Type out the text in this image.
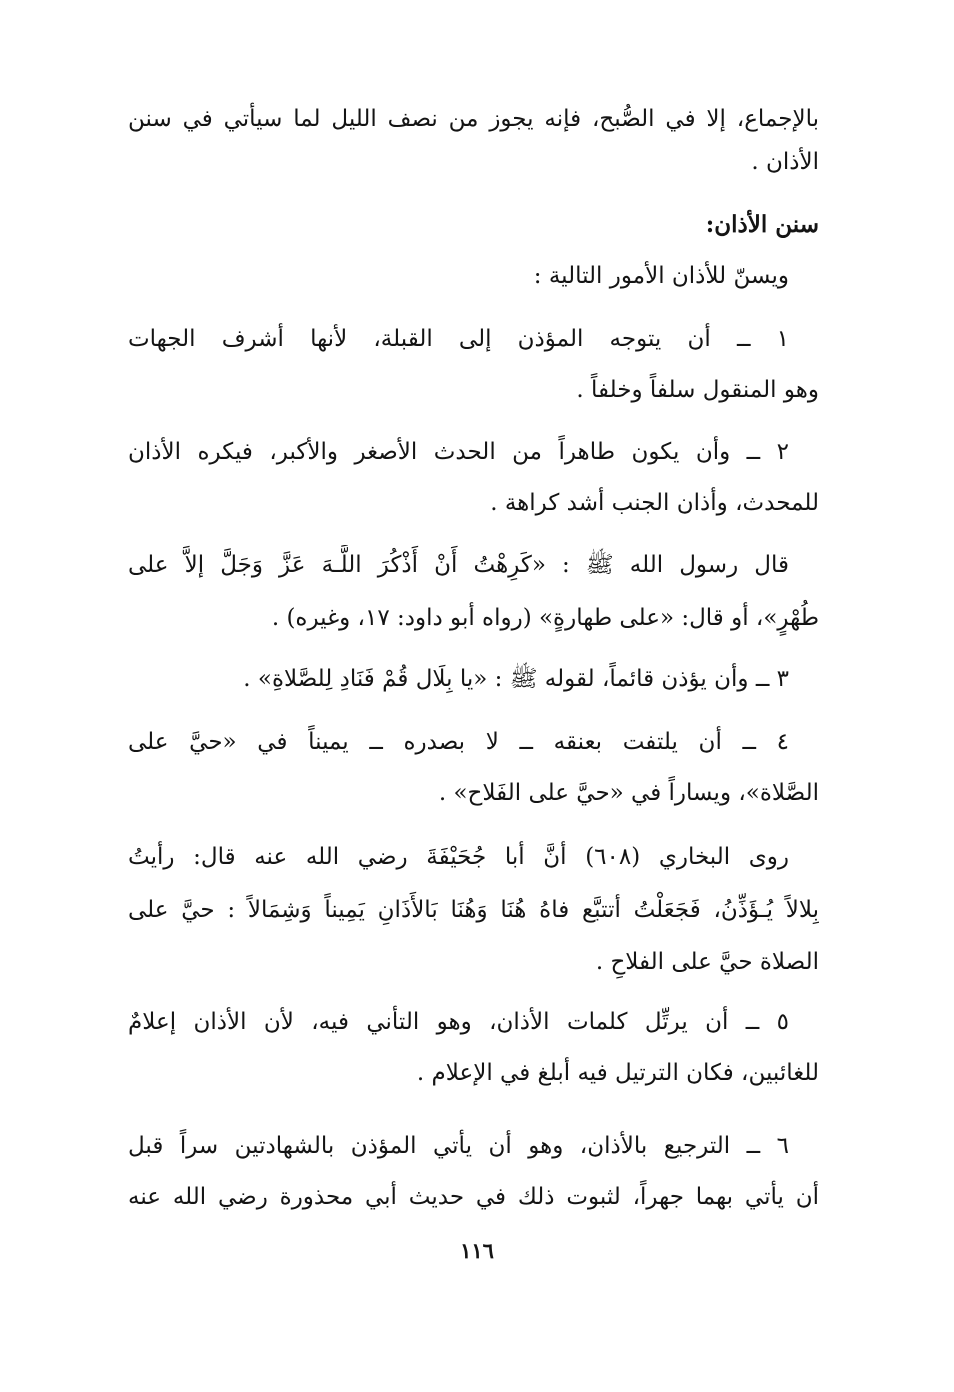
بالإجماع، إلا في الصُّبح، فإنه يجوز من نصف الليل لما سيأتي في سنن
الأذان .
سنن الأذان:
ويسنّ للأذان الأمور التالية :
١ ــ أن يتوجه المؤذن إلى القبلة، لأنها أشرف الجهات
وهو المنقول سلفاً وخلفاً .
٢ ــ وأن يكون طاهراً من الحدث الأصغر والأكبر، فيكره الأذان
للمحدث، وأذان الجنب أشد كراهة .
قال رسول الله ﷺ : «كَرِهْتُ أَنْ أَذْكُرَ اللَّـهَ عَزَّ وَجَلَّ إلاَّ على
طُهْرٍ»، أو قال: «على طهارةٍ» (رواه أبو داود: ١٧، وغيره) .
٣ ــ وأن يؤذن قائماً، لقوله ﷺ : «يا بِلَال قُمْ فَنَادِ لِلصَّلاةِ» .
٤ ــ أن يلتفت بعنقه ــ لا بصدره ــ يميناً في «حيَّ على
الصَّلاة»، ويساراً في «حيَّ على الفَلاح» .
روى البخاري (٦٠٨) أنَّ أبا جُحَيْفَةَ رضي الله عنه قال: رأيتُ
بِلالاً يُـؤَذِّنُ، فَجَعَلْتُ أتتبَّع فاهُ هُنَا وَهُنَا بَالأَذَانِ يَمِيناً وَشِمَالاً : حيَّ على
الصلاة حيَّ على الفلاحِ .
٥ ــ أن يرتِّل كلمات الأذان، وهو التأني فيه، لأن الأذان إعلامٌ
للغائبين، فكان الترتيل فيه أبلغ في الإعلام .
٦ ــ الترجيع بالأذان، وهو أن يأتي المؤذن بالشهادتين سراً قبل
أن يأتي بهما جهراً، لثبوت ذلك في حديث أبي محذورة رضي الله عنه
١١٦
